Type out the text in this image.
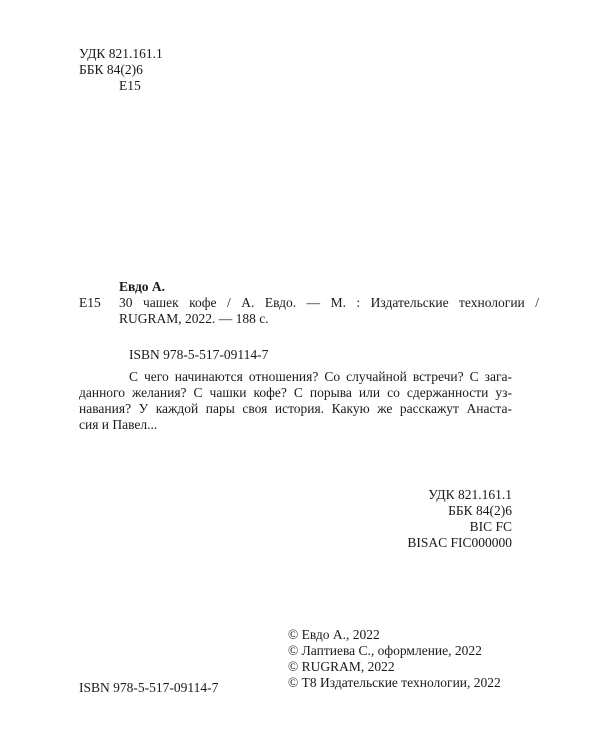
УДК 821.161.1
ББК 84(2)6
Е15
Евдо А.
Е15	30 чашек кофе / А. Евдо. — М. : Издательские технологии /
RUGRAM, 2022. — 188 с.
ISBN 978-5-517-09114-7
С чего начинаются отношения? Со случайной встречи? С зага-
данного желания? С чашки кофе? С порыва или со сдержанности уз-
навания? У каждой пары своя история. Какую же расскажут Анаста-
сия и Павел...
УДК 821.161.1
ББК 84(2)6
BIC FC
BISAC FIC000000
© Евдо А., 2022
© Лаптиева С., оформление, 2022
© RUGRAM, 2022
© Т8 Издательские технологии, 2022
ISBN 978-5-517-09114-7
